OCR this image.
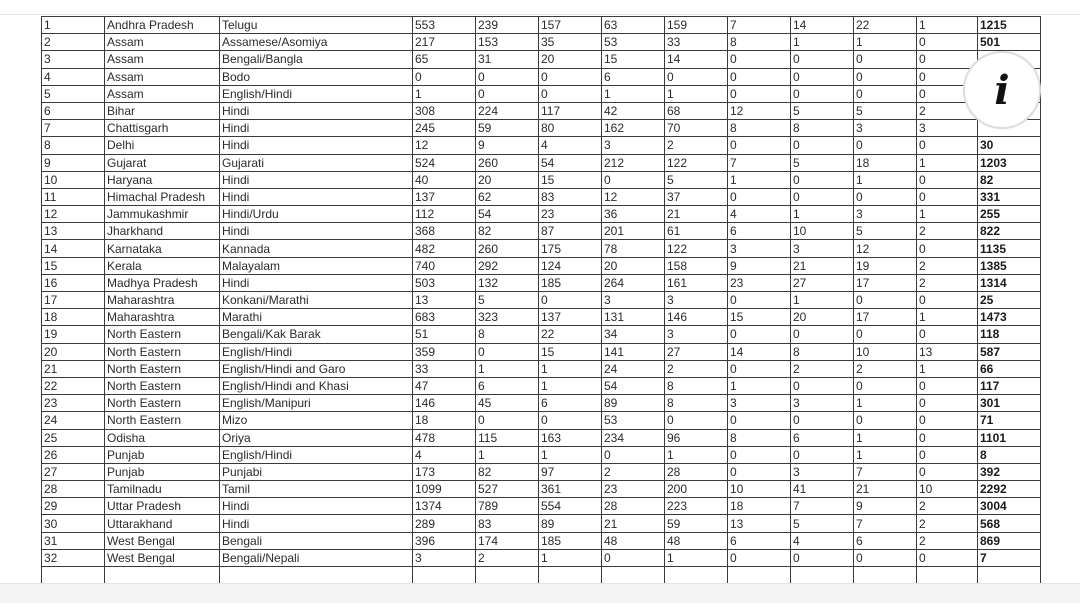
1	Andhra Pradesh	Telugu	553	239	157	63	159	7	14	22	1	1215
2	Assam	Assamese/Asomiya	217	153	35	53	33	8	1	1	0	501
3	Assam	Bengali/Bangla	65	31	20	15	14	0	0	0	0	
4	Assam	Bodo	0	0	0	6	0	0	0	0	0	
5	Assam	English/Hindi	1	0	0	1	1	0	0	0	0	
6	Bihar	Hindi	308	224	117	42	68	12	5	5	2	
7	Chattisgarh	Hindi	245	59	80	162	70	8	8	3	3	
8	Delhi	Hindi	12	9	4	3	2	0	0	0	0	30
9	Gujarat	Gujarati	524	260	54	212	122	7	5	18	1	1203
10	Haryana	Hindi	40	20	15	0	5	1	0	1	0	82
11	Himachal Pradesh	Hindi	137	62	83	12	37	0	0	0	0	331
12	Jammukashmir	Hindi/Urdu	112	54	23	36	21	4	1	3	1	255
13	Jharkhand	Hindi	368	82	87	201	61	6	10	5	2	822
14	Karnataka	Kannada	482	260	175	78	122	3	3	12	0	1135
15	Kerala	Malayalam	740	292	124	20	158	9	21	19	2	1385
16	Madhya Pradesh	Hindi	503	132	185	264	161	23	27	17	2	1314
17	Maharashtra	Konkani/Marathi	13	5	0	3	3	0	1	0	0	25
18	Maharashtra	Marathi	683	323	137	131	146	15	20	17	1	1473
19	North Eastern	Bengali/Kak Barak	51	8	22	34	3	0	0	0	0	118
20	North Eastern	English/Hindi	359	0	15	141	27	14	8	10	13	587
21	North Eastern	English/Hindi and Garo	33	1	1	24	2	0	2	2	1	66
22	North Eastern	English/Hindi and Khasi	47	6	1	54	8	1	0	0	0	117
23	North Eastern	English/Manipuri	146	45	6	89	8	3	3	1	0	301
24	North Eastern	Mizo	18	0	0	53	0	0	0	0	0	71
25	Odisha	Oriya	478	115	163	234	96	8	6	1	0	1101
26	Punjab	English/Hindi	4	1	1	0	1	0	0	1	0	8
27	Punjab	Punjabi	173	82	97	2	28	0	3	7	0	392
28	Tamilnadu	Tamil	1099	527	361	23	200	10	41	21	10	2292
29	Uttar Pradesh	Hindi	1374	789	554	28	223	18	7	9	2	3004
30	Uttarakhand	Hindi	289	83	89	21	59	13	5	7	2	568
31	West Bengal	Bengali	396	174	185	48	48	6	4	6	2	869
32	West Bengal	Bengali/Nepali	3	2	1	0	1	0	0	0	0	7

i
